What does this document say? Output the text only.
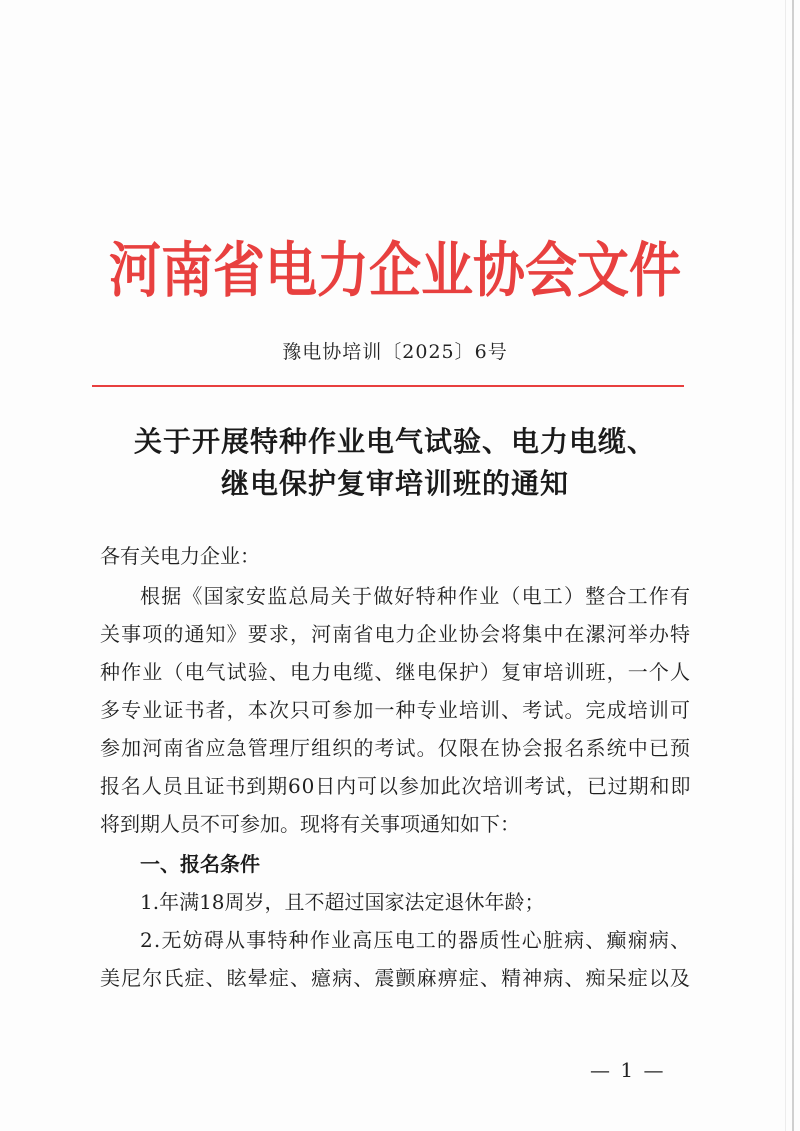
河南省电力企业协会文件
豫电协培训〔2025〕6号
关于开展特种作业电气试验、电力电缆、
继电保护复审培训班的通知
各有关电力企业：
根据《国家安监总局关于做好特种作业（电工）整合工作有
关事项的通知》要求，河南省电力企业协会将集中在漯河举办特
种作业（电气试验、电力电缆、继电保护）复审培训班，一个人
多专业证书者，本次只可参加一种专业培训、考试。完成培训可
参加河南省应急管理厅组织的考试。仅限在协会报名系统中已预
报名人员且证书到期60日内可以参加此次培训考试，已过期和即
将到期人员不可参加。现将有关事项通知如下：
一、报名条件
1.年满18周岁，且不超过国家法定退休年龄；
2.无妨碍从事特种作业高压电工的器质性心脏病、癫痫病、
美尼尔氏症、眩晕症、癔病、震颤麻痹症、精神病、痴呆症以及
— 1 —
